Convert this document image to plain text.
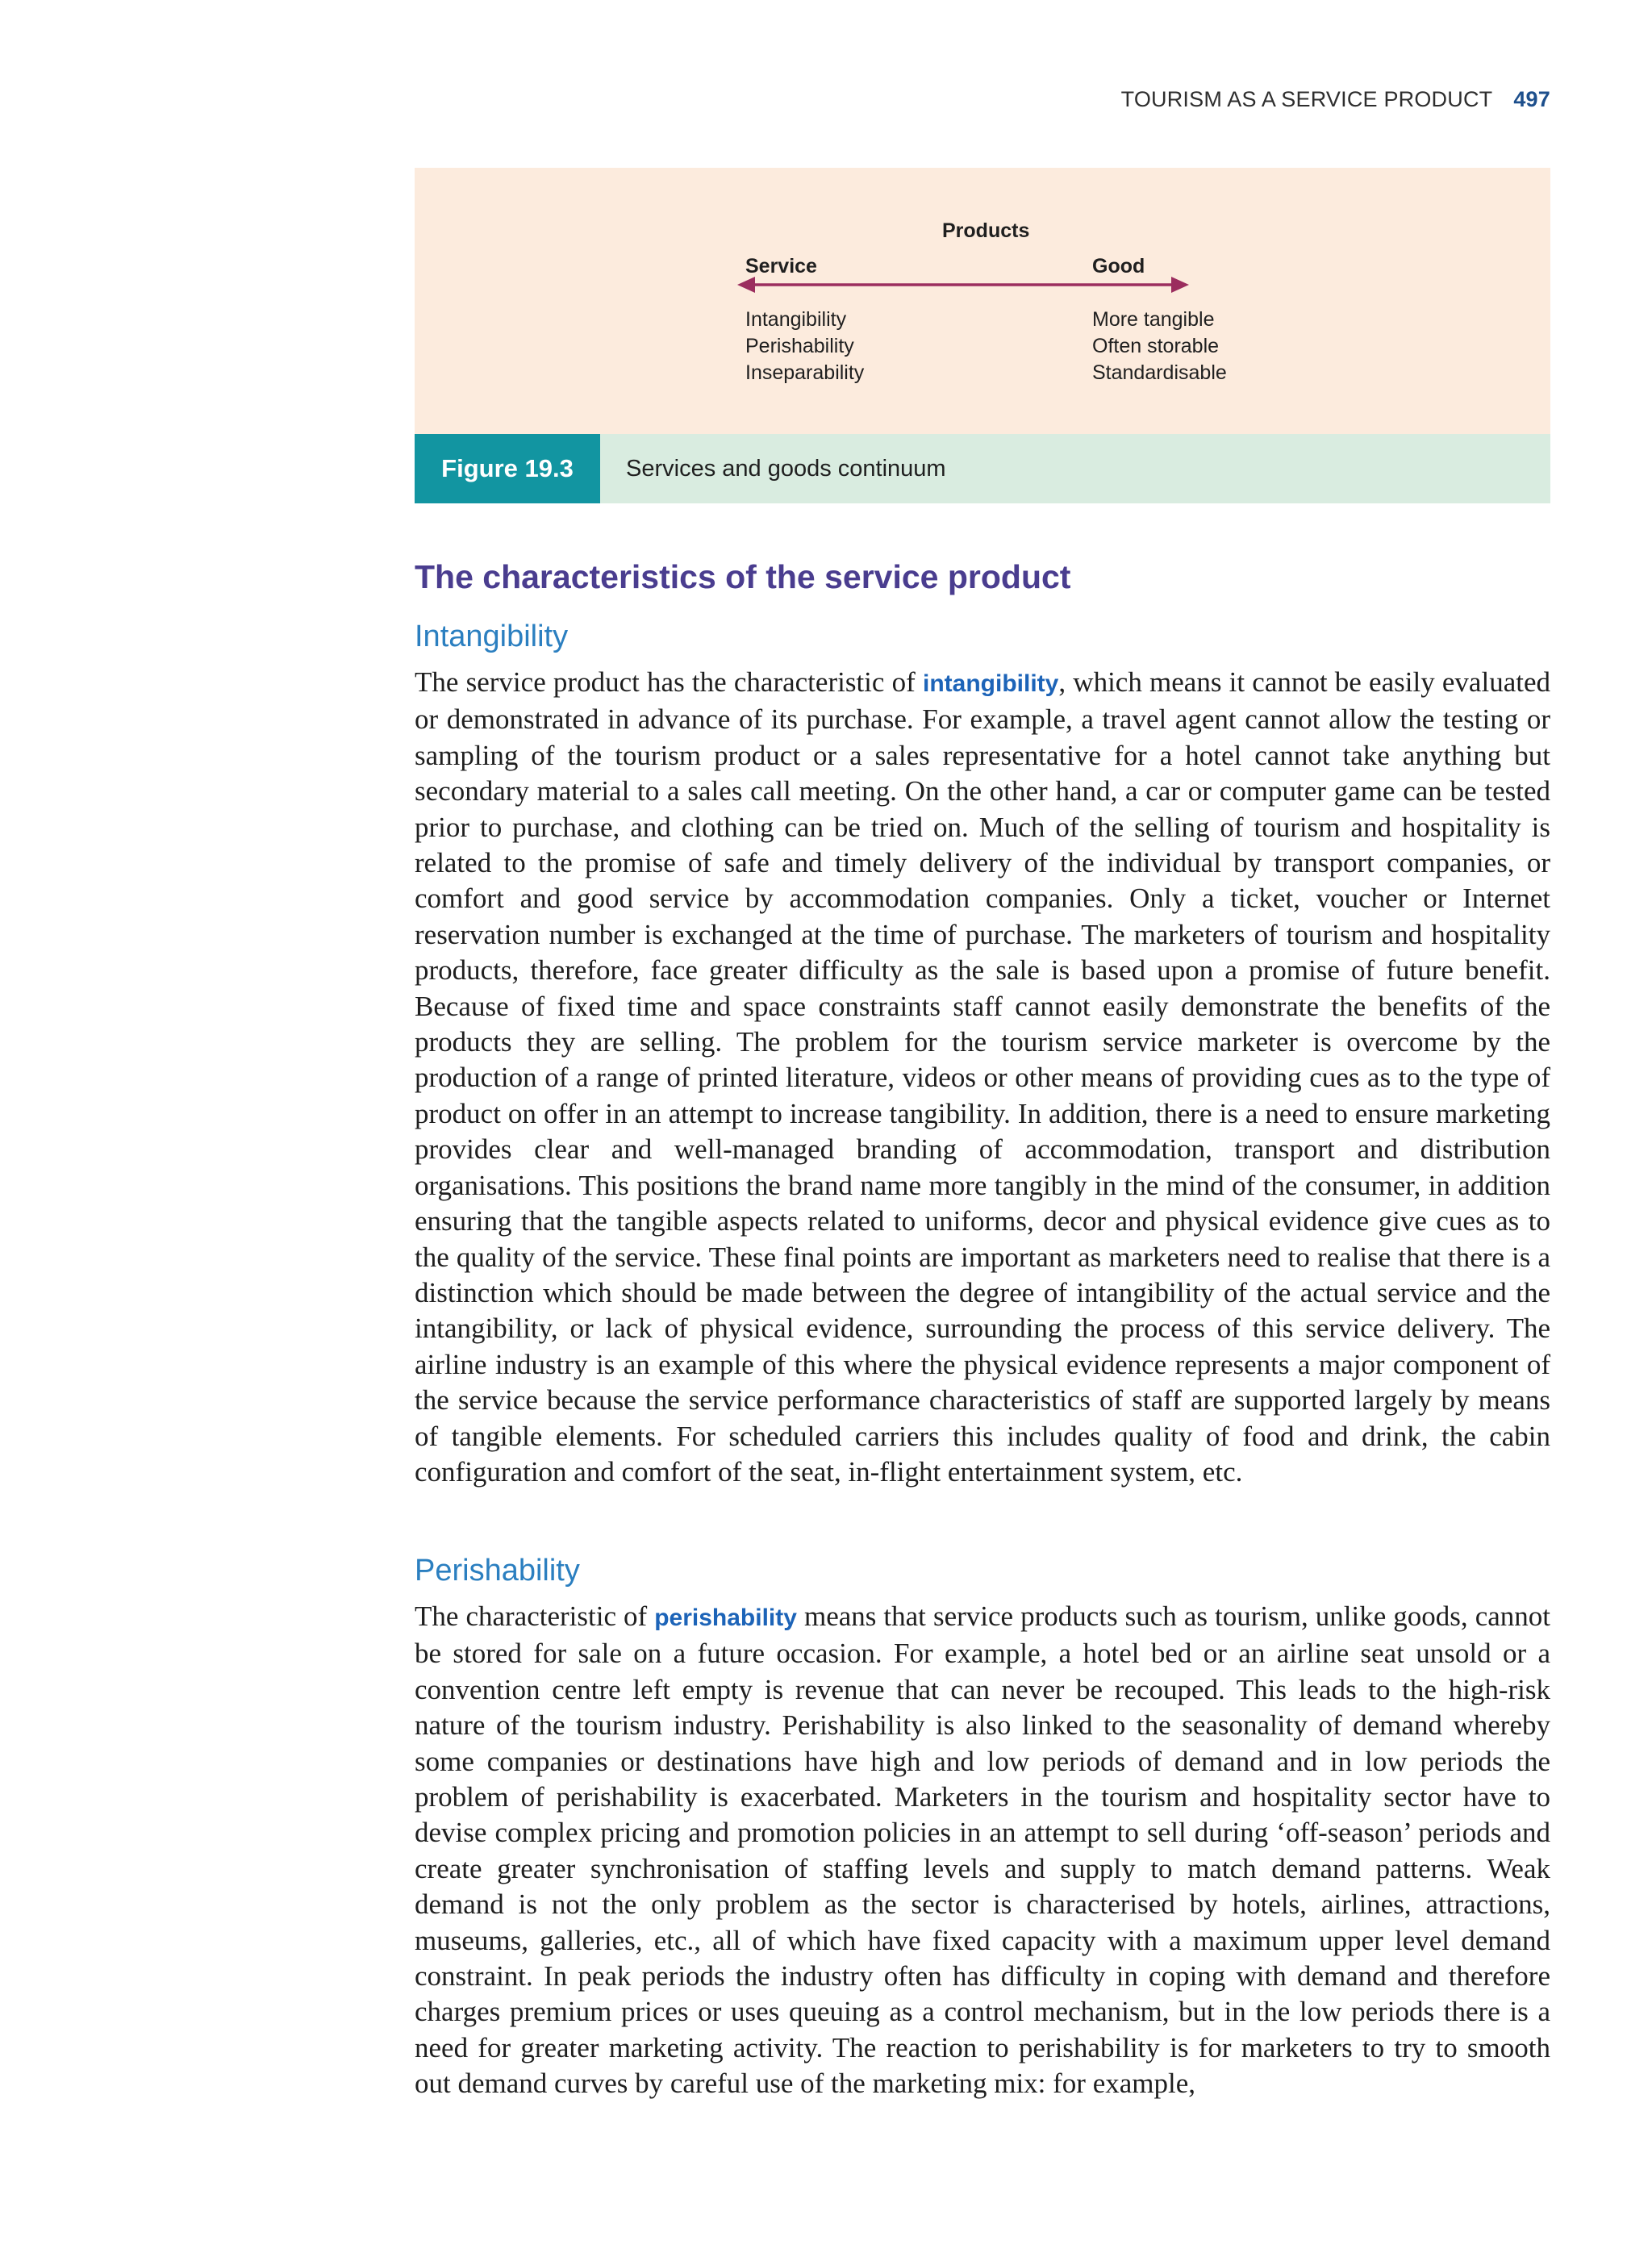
TOURISM AS A SERVICE PRODUCT 497
Products
Service	Good
Intangibility
Perishability
Inseparability
More tangible
Often storable
Standardisable
Figure 19.3	Services and goods continuum
The characteristics of the service product
Intangibility

The service product has the characteristic of intangibility, which means it cannot be easily evaluated or demonstrated in advance of its purchase. For example, a travel agent cannot allow the testing or sampling of the tourism product or a sales representative for a hotel cannot take anything but secondary material to a sales call meeting. On the other hand, a car or computer game can be tested prior to purchase, and clothing can be tried on. Much of the selling of tourism and hospitality is related to the promise of safe and timely delivery of the individual by transport companies, or comfort and good service by accommodation companies. Only a ticket, voucher or Internet reservation number is exchanged at the time of purchase. The marketers of tourism and hospitality products, therefore, face greater difficulty as the sale is based upon a promise of future benefit. Because of fixed time and space constraints staff cannot easily demonstrate the benefits of the products they are selling. The problem for the tourism service marketer is overcome by the production of a range of printed literature, videos or other means of providing cues as to the type of product on offer in an attempt to increase tangibility. In addition, there is a need to ensure marketing provides clear and well-managed branding of accommodation, transport and distribution organisations. This positions the brand name more tangibly in the mind of the consumer, in addition ensuring that the tangible aspects related to uniforms, decor and physical evidence give cues as to the quality of the service. These final points are important as marketers need to realise that there is a distinction which should be made between the degree of intangibility of the actual service and the intangibility, or lack of physical evidence, surrounding the process of this service delivery. The airline industry is an example of this where the physical evidence represents a major component of the service because the service performance characteristics of staff are supported largely by means of tangible elements. For scheduled carriers this includes quality of food and drink, the cabin configuration and comfort of the seat, in-flight entertainment system, etc.

Perishability

The characteristic of perishability means that service products such as tourism, unlike goods, cannot be stored for sale on a future occasion. For example, a hotel bed or an airline seat unsold or a convention centre left empty is revenue that can never be recouped. This leads to the high-risk nature of the tourism industry. Perishability is also linked to the seasonality of demand whereby some companies or destinations have high and low periods of demand and in low periods the problem of perishability is exacerbated. Marketers in the tourism and hospitality sector have to devise complex pricing and promotion policies in an attempt to sell during ‘off-season’ periods and create greater synchronisation of staffing levels and supply to match demand patterns. Weak demand is not the only problem as the sector is characterised by hotels, airlines, attractions, museums, galleries, etc., all of which have fixed capacity with a maximum upper level demand constraint. In peak periods the industry often has difficulty in coping with demand and therefore charges premium prices or uses queuing as a control mechanism, but in the low periods there is a need for greater marketing activity. The reaction to perishability is for marketers to try to smooth out demand curves by careful use of the marketing mix: for example,
